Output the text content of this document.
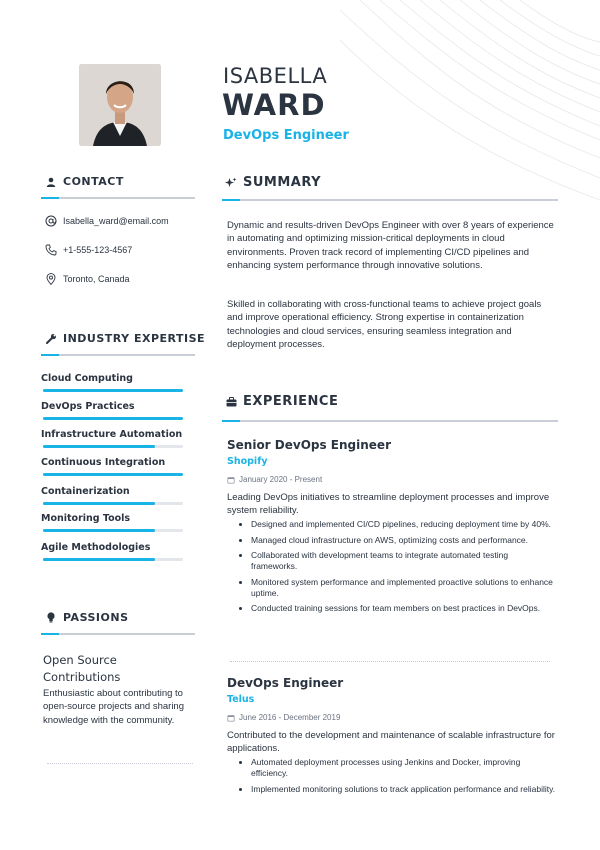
ISABELLA
WARD
DevOps Engineer
CONTACT
Isabella_ward@email.com
+1-555-123-4567
Toronto, Canada
INDUSTRY EXPERTISE
Cloud Computing
DevOps Practices
Infrastructure Automation
Continuous Integration
Containerization
Monitoring Tools
Agile Methodologies
PASSIONS
Open Source Contributions
Enthusiastic about contributing to open-source projects and sharing knowledge with the community.
SUMMARY
Dynamic and results-driven DevOps Engineer with over 8 years of experience in automating and optimizing mission-critical deployments in cloud environments. Proven track record of implementing CI/CD pipelines and enhancing system performance through innovative solutions.
Skilled in collaborating with cross-functional teams to achieve project goals and improve operational efficiency. Strong expertise in containerization technologies and cloud services, ensuring seamless integration and deployment processes.
EXPERIENCE
Senior DevOps Engineer
Shopify
January 2020 - Present
Leading DevOps initiatives to streamline deployment processes and improve system reliability.
Designed and implemented CI/CD pipelines, reducing deployment time by 40%.
Managed cloud infrastructure on AWS, optimizing costs and performance.
Collaborated with development teams to integrate automated testing frameworks.
Monitored system performance and implemented proactive solutions to enhance uptime.
Conducted training sessions for team members on best practices in DevOps.
DevOps Engineer
Telus
June 2016 - December 2019
Contributed to the development and maintenance of scalable infrastructure for applications.
Automated deployment processes using Jenkins and Docker, improving efficiency.
Implemented monitoring solutions to track application performance and reliability.
